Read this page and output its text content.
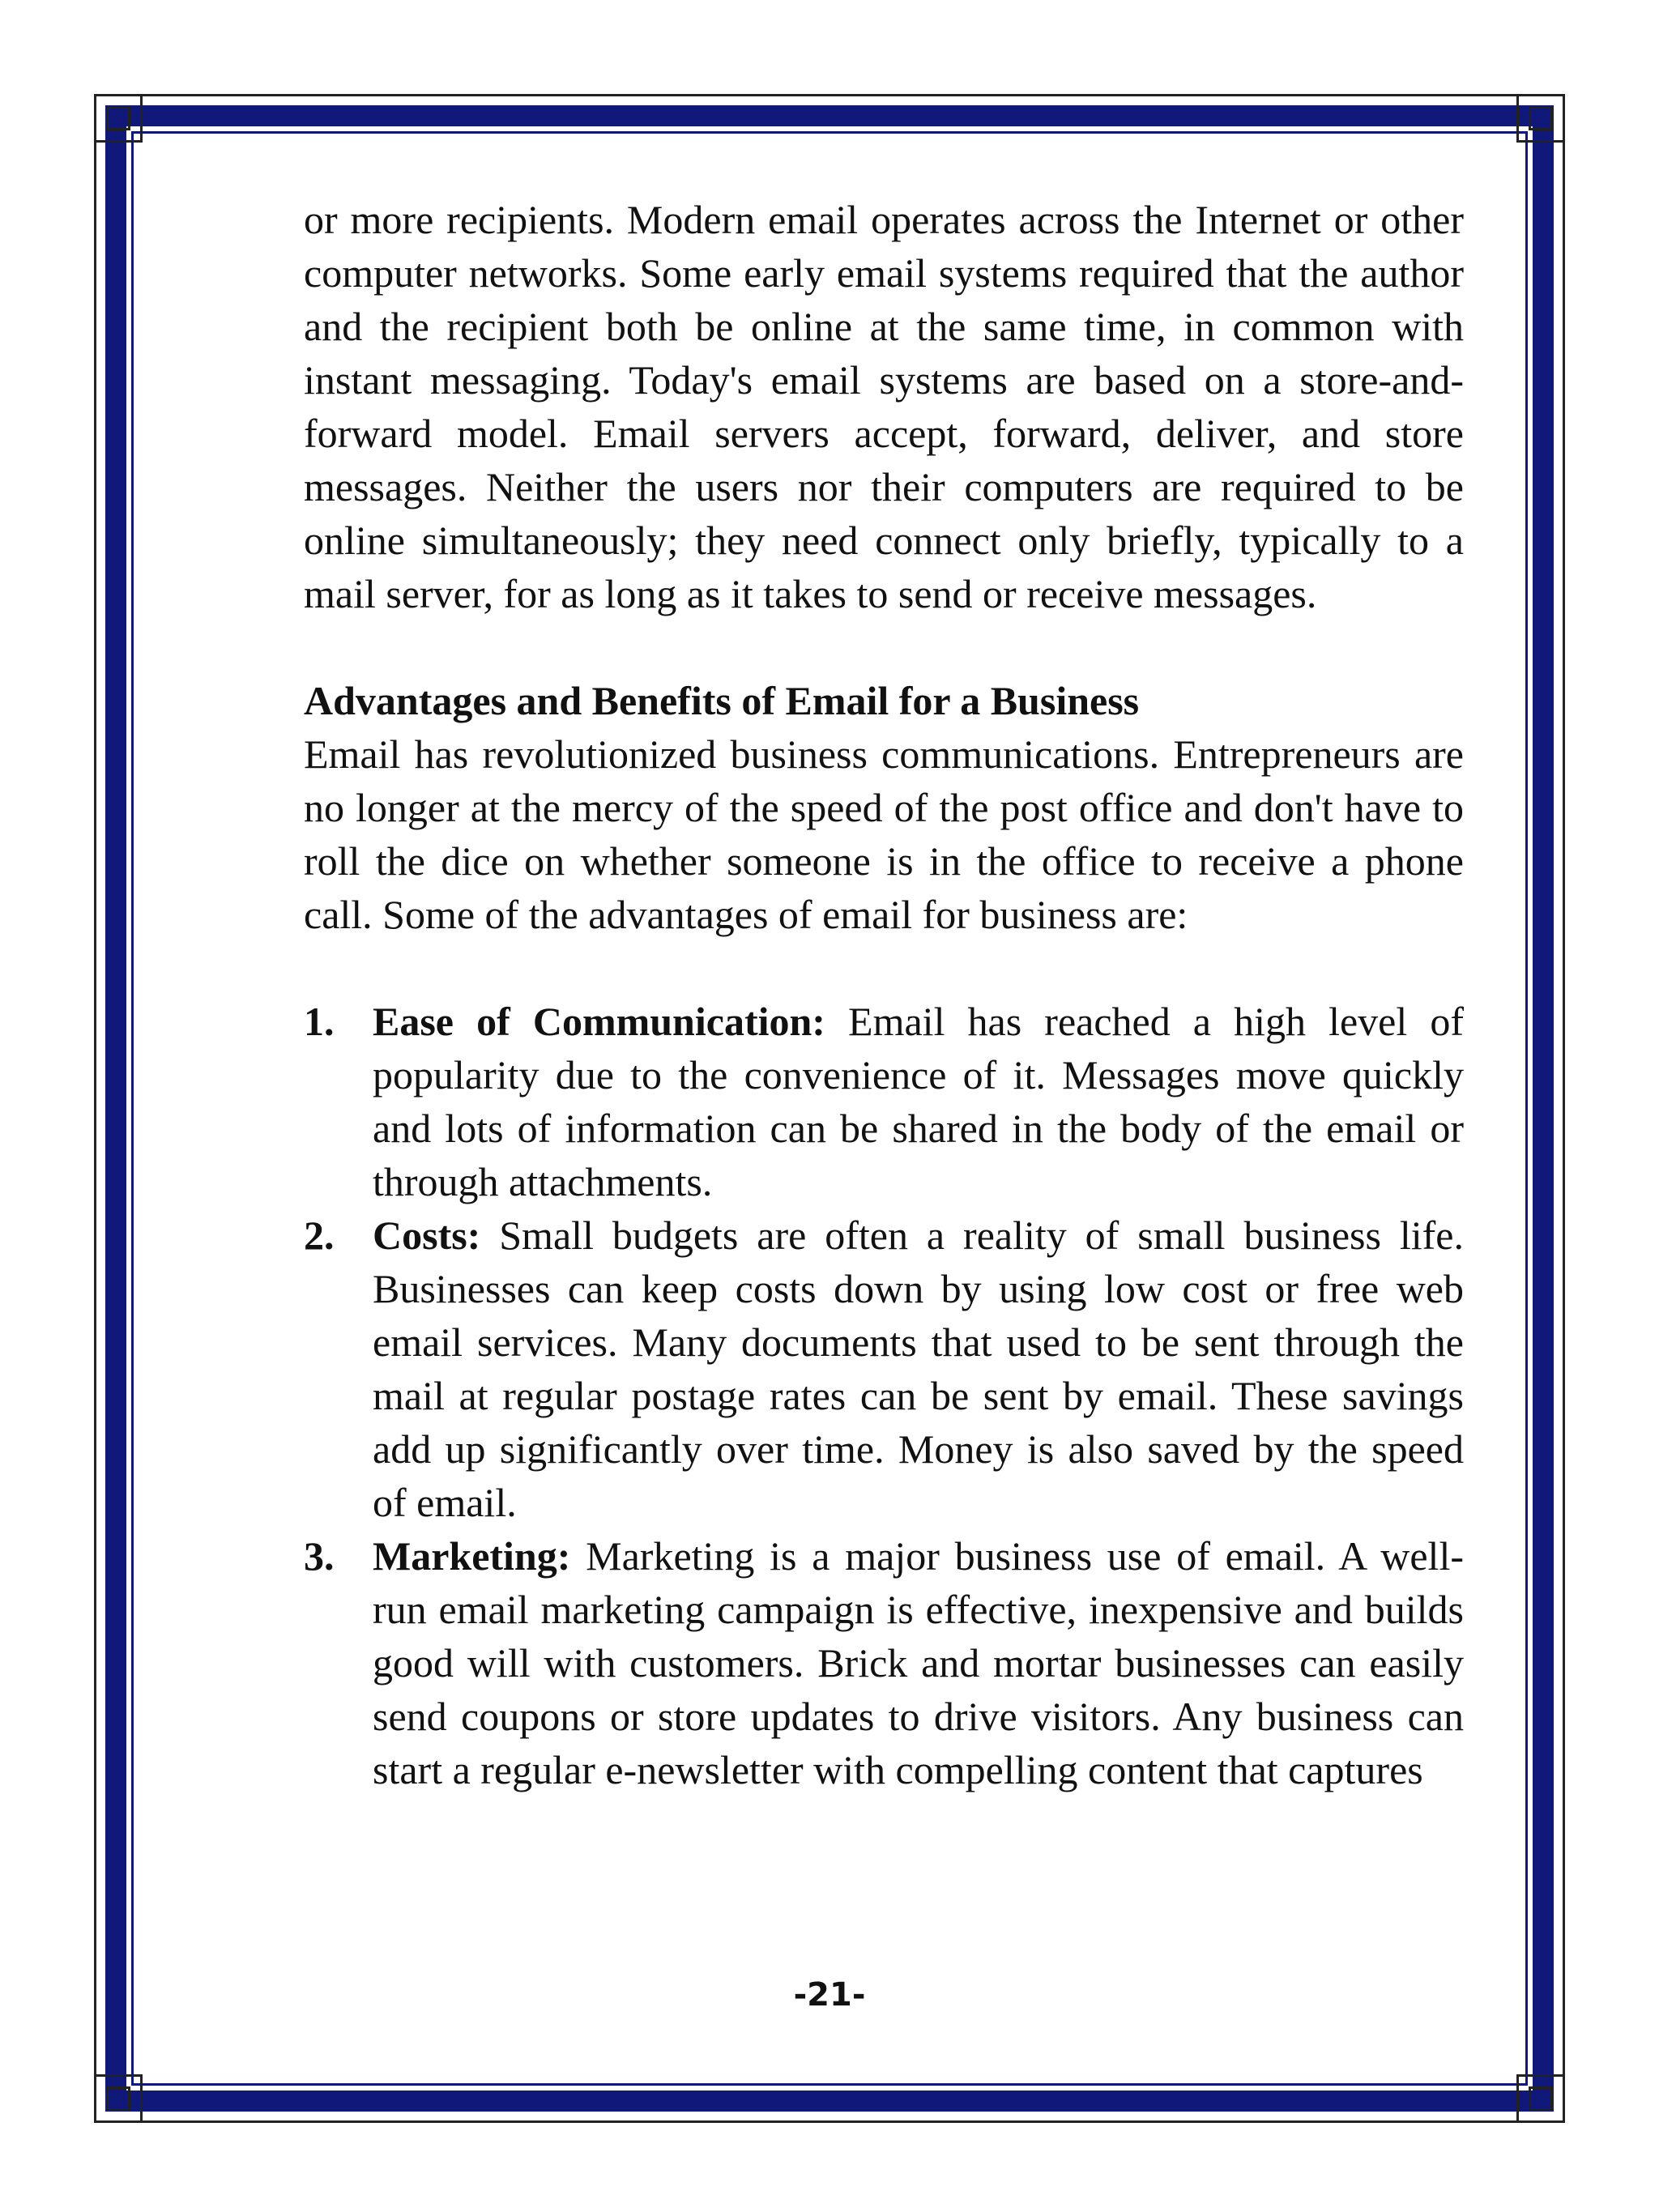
or more recipients. Modern email operates across the Internet or other computer networks. Some early email systems required that the author and the recipient both be online at the same time, in common with instant messaging. Today's email systems are based on a store-and-forward model. Email servers accept, forward, deliver, and store messages. Neither the users nor their computers are required to be online simultaneously; they need connect only briefly, typically to a mail server, for as long as it takes to send or receive messages.

Advantages and Benefits of Email for a Business

Email has revolutionized business communications. Entrepreneurs are no longer at the mercy of the speed of the post office and don't have to roll the dice on whether someone is in the office to receive a phone call. Some of the advantages of email for business are:

1. Ease of Communication: Email has reached a high level of popularity due to the convenience of it. Messages move quickly and lots of information can be shared in the body of the email or through attachments.
2. Costs: Small budgets are often a reality of small business life. Businesses can keep costs down by using low cost or free web email services. Many documents that used to be sent through the mail at regular postage rates can be sent by email. These savings add up significantly over time. Money is also saved by the speed of email.
3. Marketing: Marketing is a major business use of email. A well-run email marketing campaign is effective, inexpensive and builds good will with customers. Brick and mortar businesses can easily send coupons or store updates to drive visitors. Any business can start a regular e-newsletter with compelling content that captures
-21-
